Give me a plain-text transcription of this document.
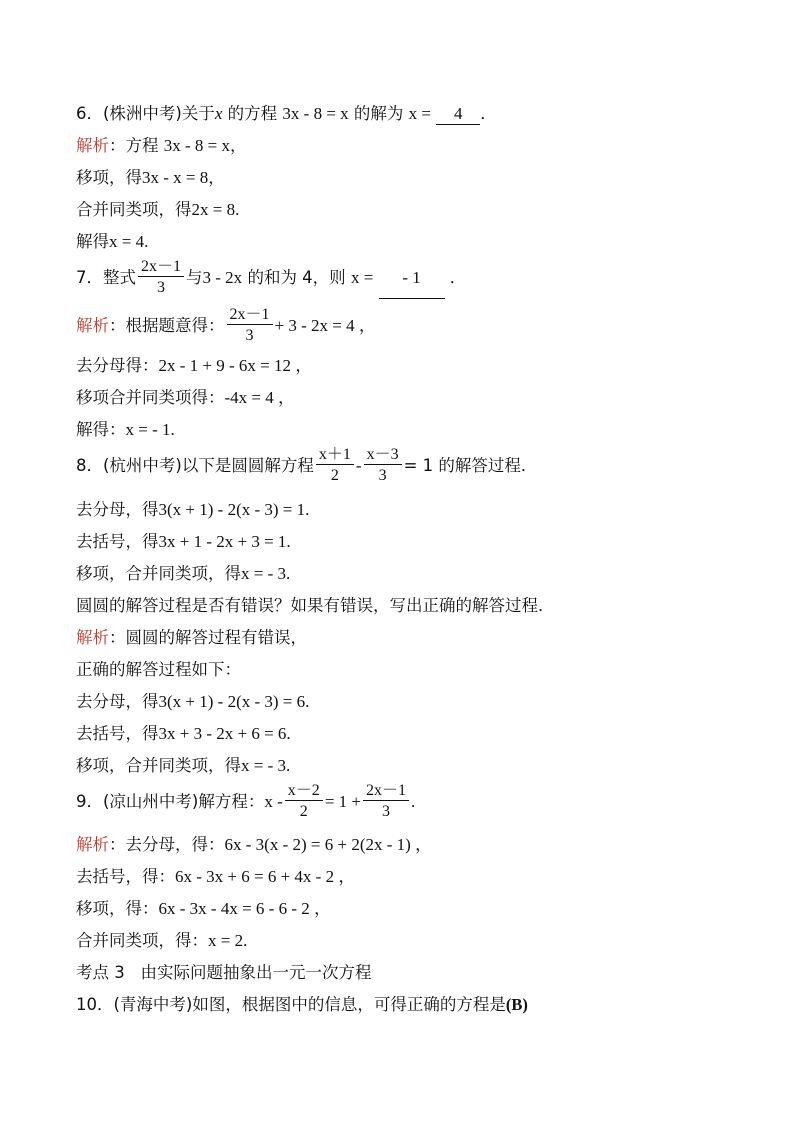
6．(株洲中考)关于x 的方程 3x - 8 = x 的解为 x = 4 ．
解析：方程 3x - 8 = x，
移项，得3x - x = 8，
合并同类项，得2x = 8.
解得x = 4.
7．整式 $\frac{2x-1}{3}$ 与3 - 2x 的和为 4，则 x = - 1 ．
解析：根据题意得： $\frac{2x-1}{3} + 3 - 2x = 4$ ，
去分母得：2x - 1 + 9 - 6x = 12 ，
移项合并同类项得：-4x = 4 ，
解得：x = - 1.
8．(杭州中考)以下是圆圆解方程 $\frac{x+1}{2} - \frac{x-3}{3} = 1$ 的解答过程．
去分母，得3(x + 1) - 2(x - 3) = 1.
去括号，得3x + 1 - 2x + 3 = 1.
移项，合并同类项，得x = - 3.
圆圆的解答过程是否有错误？如果有错误，写出正确的解答过程．
解析：圆圆的解答过程有错误，
正确的解答过程如下：
去分母，得3(x + 1) - 2(x - 3) = 6.
去括号，得3x + 3 - 2x + 6 = 6.
移项，合并同类项，得x = - 3.
9．(凉山州中考)解方程：$x - \frac{x-2}{2} = 1 + \frac{2x-1}{3}$ .
解析：去分母，得：6x - 3(x - 2) = 6 + 2(2x - 1) ，
去括号，得：6x - 3x + 6 = 6 + 4x - 2 ，
移项，得：6x - 3x - 4x = 6 - 6 - 2 ，
合并同类项，得：x = 2.
考点 3 由实际问题抽象出一元一次方程
10．(青海中考)如图，根据图中的信息，可得正确的方程是(B)
